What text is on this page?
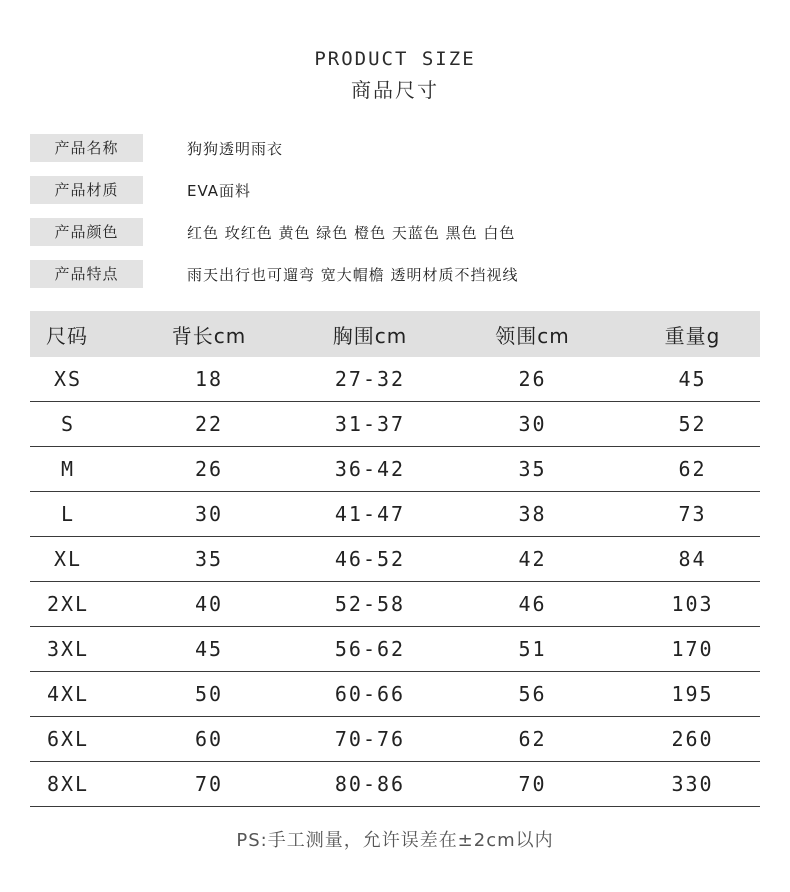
PRODUCT SIZE
商品尺寸
产品名称	狗狗透明雨衣
产品材质	EVA面料
产品颜色	红色 玫红色 黄色 绿色 橙色 天蓝色 黑色 白色
产品特点	雨天出行也可遛弯 宽大帽檐 透明材质不挡视线
尺码	背长cm	胸围cm	领围cm	重量g
XS	18	27-32	26	45
S	22	31-37	30	52
M	26	36-42	35	62
L	30	41-47	38	73
XL	35	46-52	42	84
2XL	40	52-58	46	103
3XL	45	56-62	51	170
4XL	50	60-66	56	195
6XL	60	70-76	62	260
8XL	70	80-86	70	330
PS:手工测量，允许误差在±2cm以内
